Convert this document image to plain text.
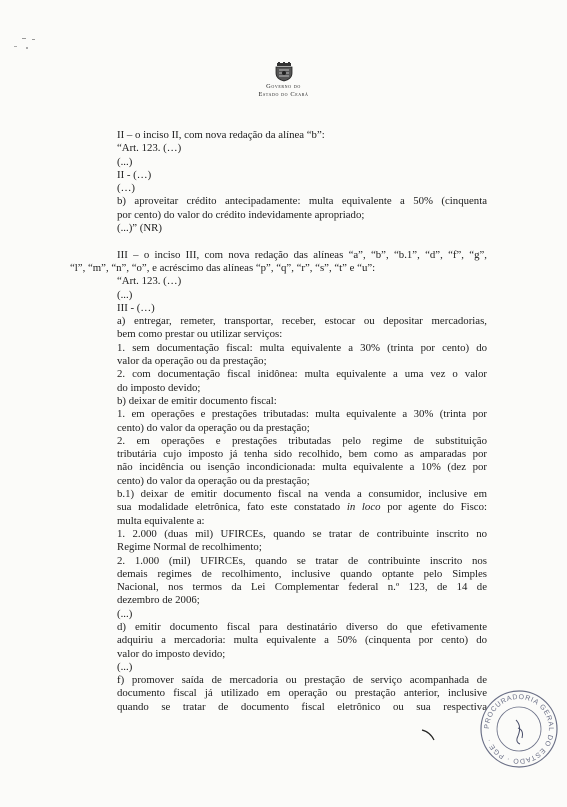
Governo do
Estado do Ceará
II – o inciso II, com nova redação da alínea “b”:
“Art. 123. (…)
(...)
II - (…)
(…)
b) aproveitar crédito antecipadamente: multa equivalente a 50% (cinquenta
por cento) do valor do crédito indevidamente apropriado;
(...)” (NR)
III – o inciso III, com nova redação das alíneas “a”, “b”, “b.1”, “d”, “f”, “g”,
“l”, “m”, “n”, “o”, e acréscimo das alíneas “p”, “q”, “r”, “s”, “t” e “u”:
“Art. 123. (…)
(...)
III - (…)
a) entregar, remeter, transportar, receber, estocar ou depositar mercadorias,
bem como prestar ou utilizar serviços:
1. sem documentação fiscal: multa equivalente a 30% (trinta por cento) do
valor da operação ou da prestação;
2. com documentação fiscal inidônea: multa equivalente a uma vez o valor
do imposto devido;
b) deixar de emitir documento fiscal:
1. em operações e prestações tributadas: multa equivalente a 30% (trinta por
cento) do valor da operação ou da prestação;
2. em operações e prestações tributadas pelo regime de substituição
tributária cujo imposto já tenha sido recolhido, bem como as amparadas por
não incidência ou isenção incondicionada: multa equivalente a 10% (dez por
cento) do valor da operação ou da prestação;
b.1) deixar de emitir documento fiscal na venda a consumidor, inclusive em
sua modalidade eletrônica, fato este constatado in loco por agente do Fisco:
multa equivalente a:
1. 2.000 (duas mil) UFIRCEs, quando se tratar de contribuinte inscrito no
Regime Normal de recolhimento;
2. 1.000 (mil) UFIRCEs, quando se tratar de contribuinte inscrito nos
demais regimes de recolhimento, inclusive quando optante pelo Simples
Nacional, nos termos da Lei Complementar federal n.º 123, de 14 de
dezembro de 2006;
(...)
d) emitir documento fiscal para destinatário diverso do que efetivamente
adquiriu a mercadoria: multa equivalente a 50% (cinquenta por cento) do
valor do imposto devido;
(...)
f) promover saída de mercadoria ou prestação de serviço acompanhada de
documento fiscal já utilizado em operação ou prestação anterior, inclusive
quando se tratar de documento fiscal eletrônico ou sua respectiva
PROCURADORIA GERAL DO ESTADO · PGE ·
